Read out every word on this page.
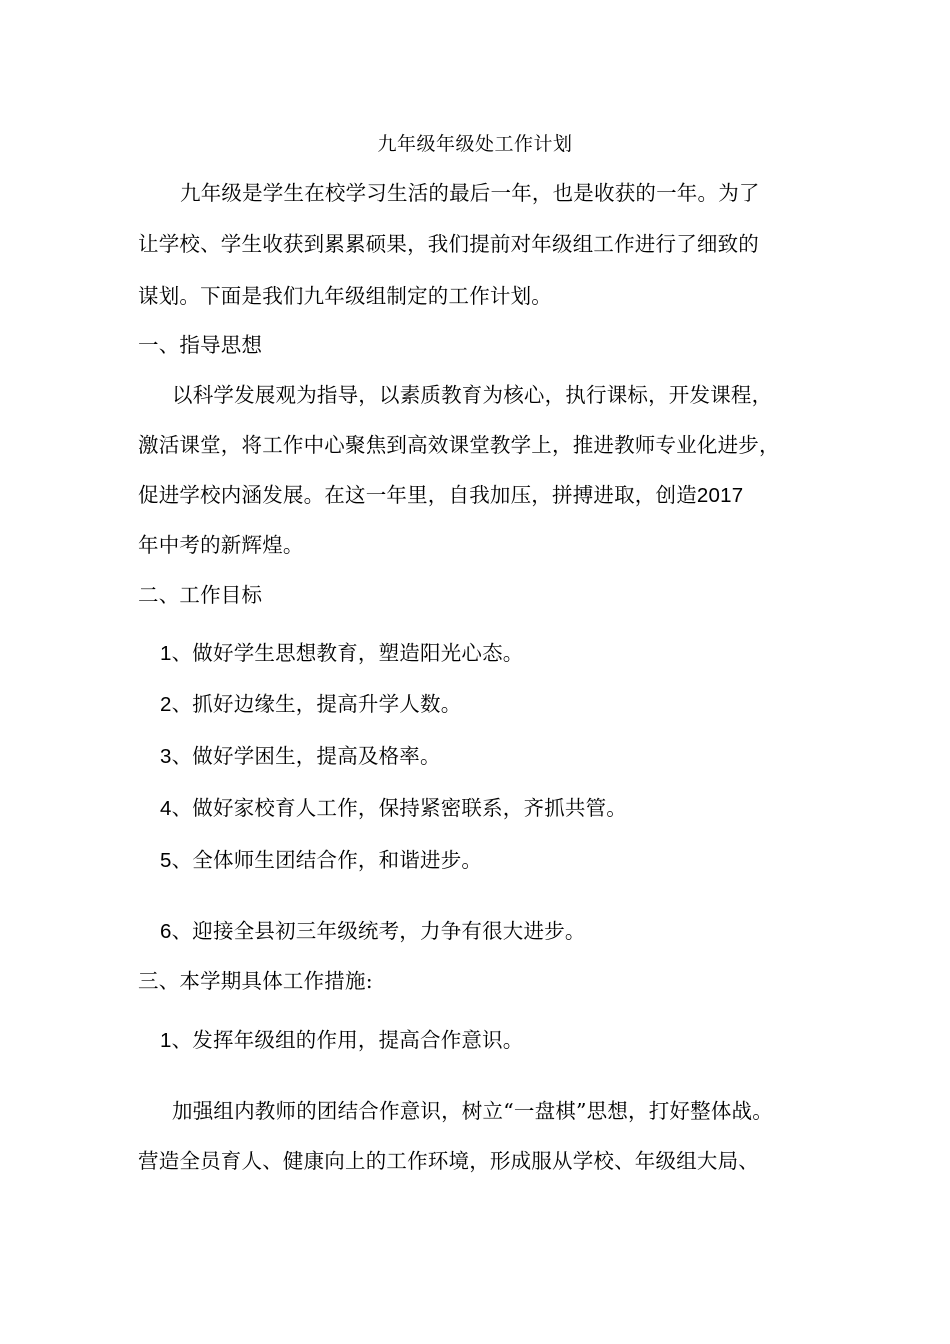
九年级年级处工作计划
九年级是学生在校学习生活的最后一年，也是收获的一年。为了
让学校、学生收获到累累硕果，我们提前对年级组工作进行了细致的
谋划。下面是我们九年级组制定的工作计划。
一、指导思想
以科学发展观为指导，以素质教育为核心，执行课标，开发课程，
激活课堂，将工作中心聚焦到高效课堂教学上，推进教师专业化进步，
促进学校内涵发展。在这一年里，自我加压，拼搏进取，创造2017
年中考的新辉煌。
二、工作目标
1、做好学生思想教育，塑造阳光心态。
2、抓好边缘生，提高升学人数。
3、做好学困生，提高及格率。
4、做好家校育人工作，保持紧密联系，齐抓共管。
5、全体师生团结合作，和谐进步。
6、迎接全县初三年级统考，力争有很大进步。
三、本学期具体工作措施:
1、发挥年级组的作用，提高合作意识。
加强组内教师的团结合作意识，树立“一盘棋”思想，打好整体战。
营造全员育人、健康向上的工作环境，形成服从学校、年级组大局、
